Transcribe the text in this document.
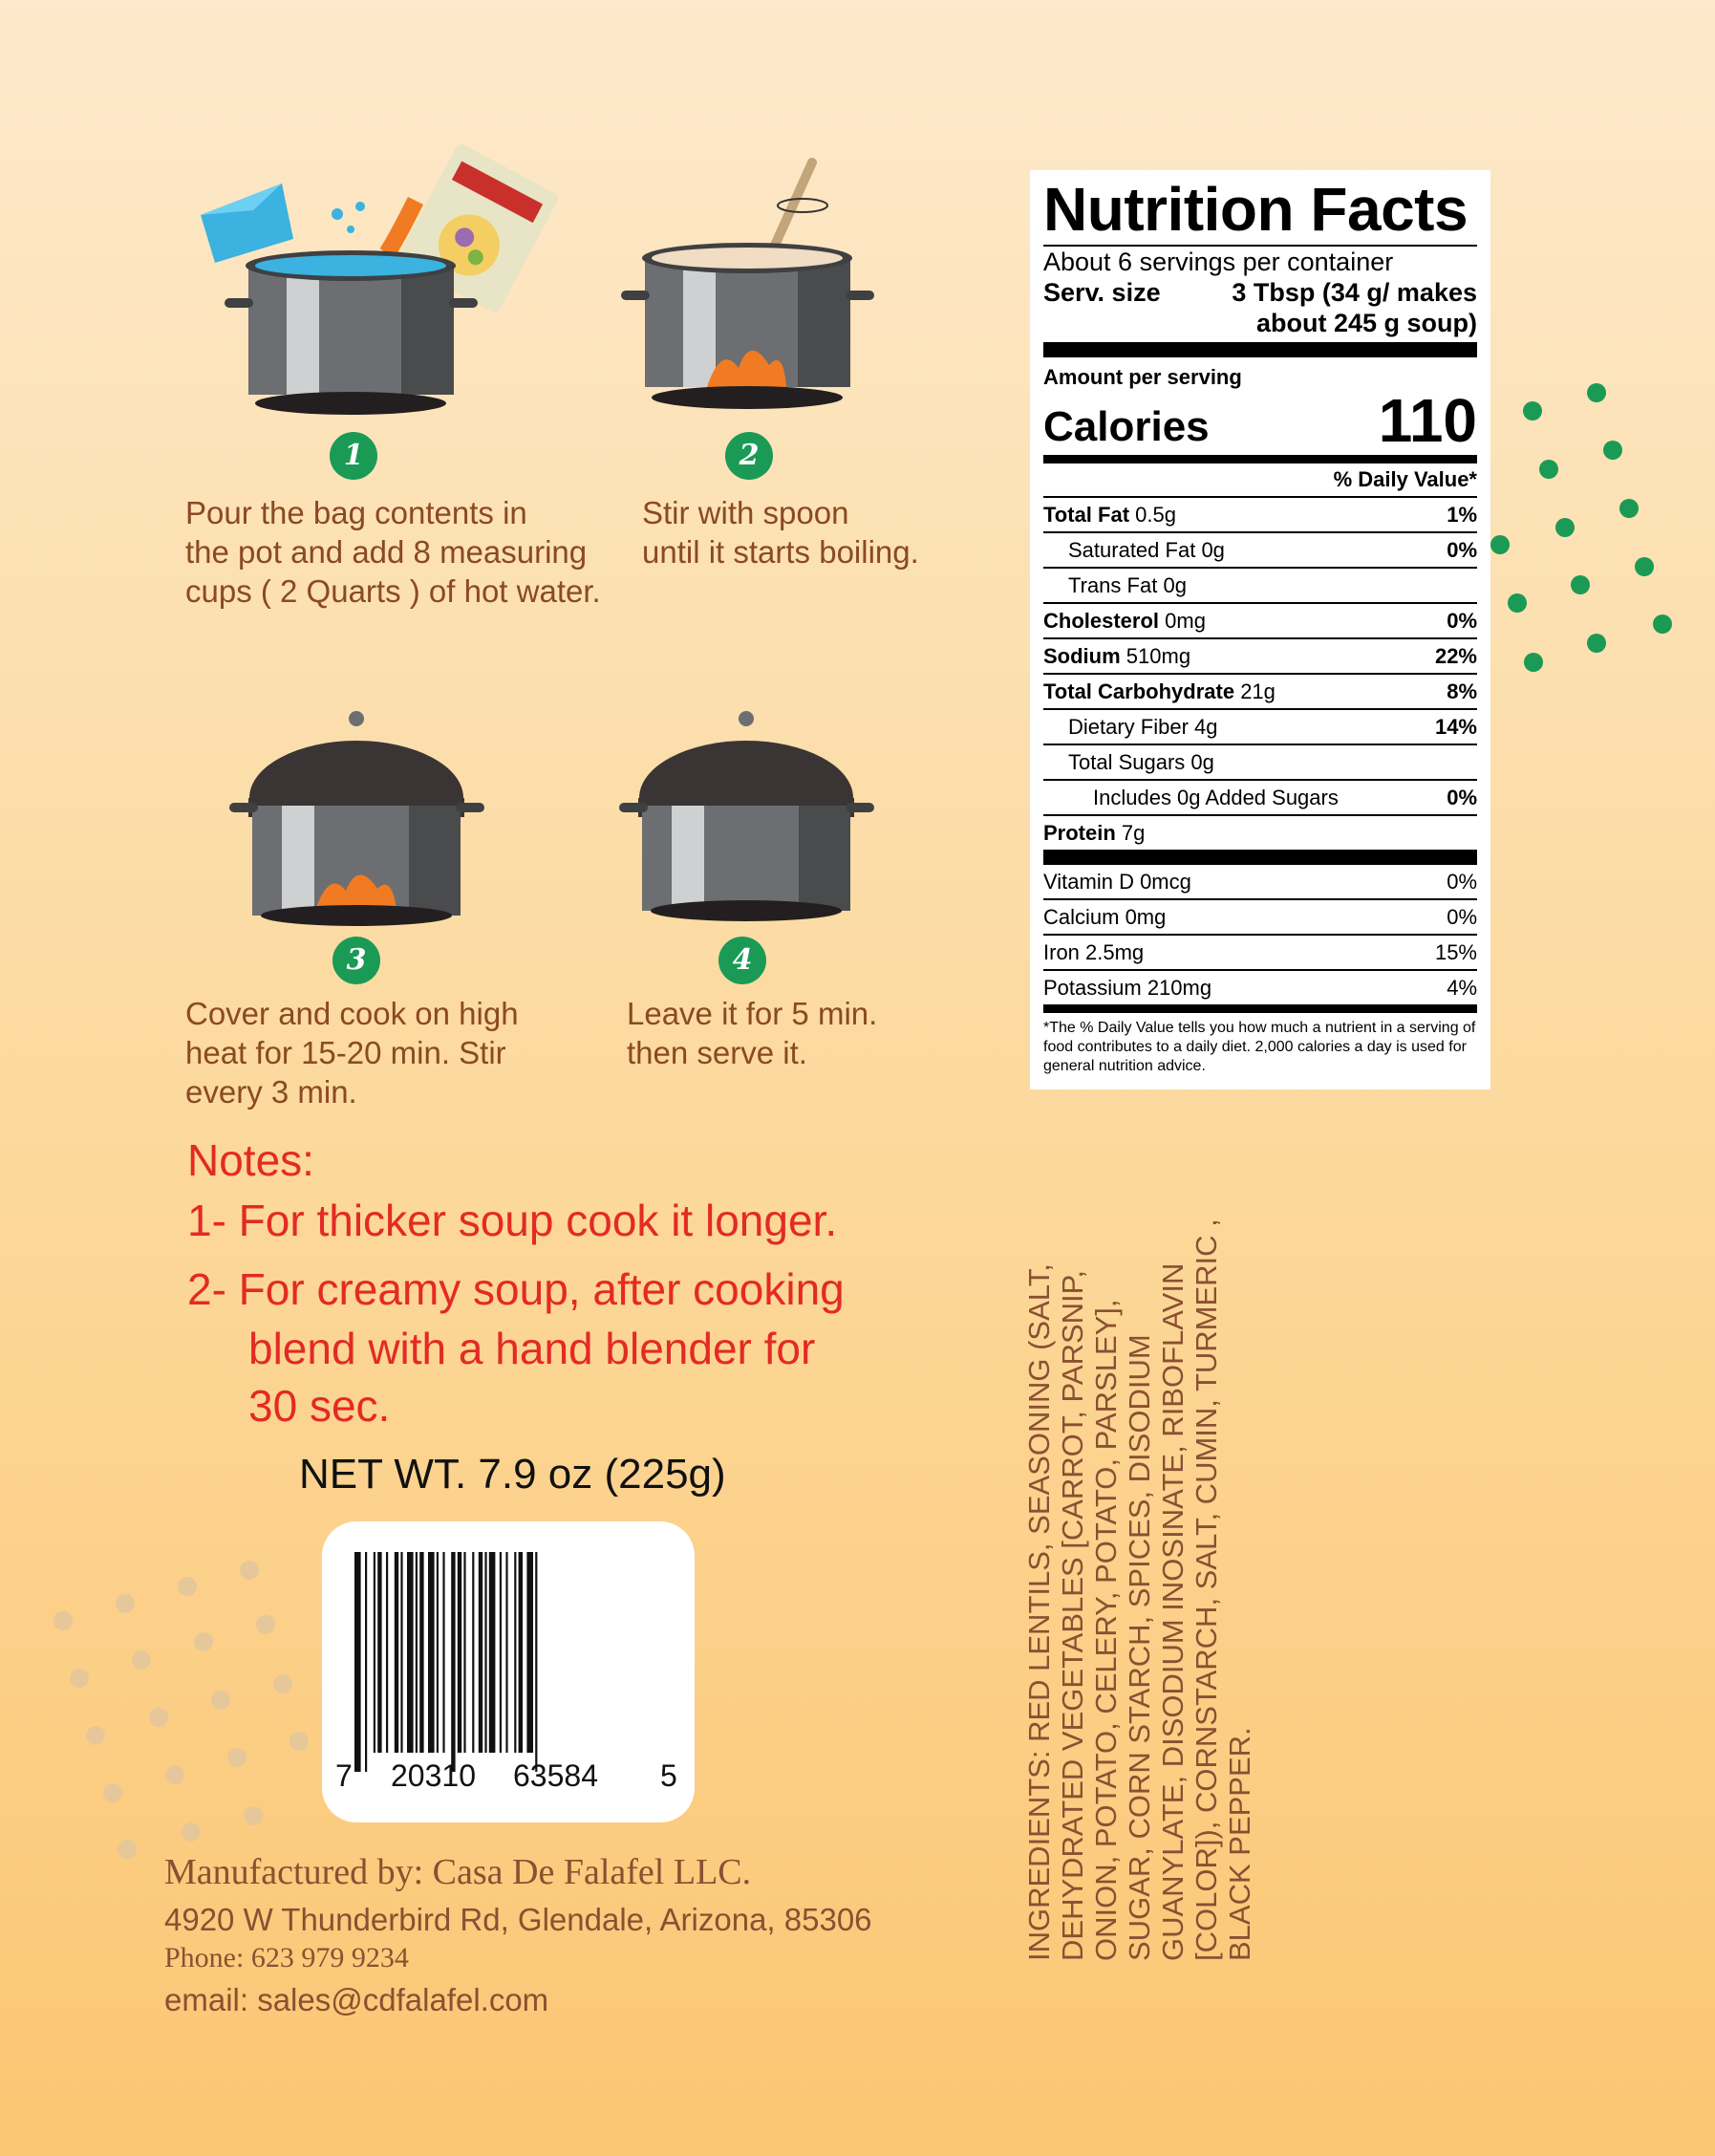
1
Pour the bag contents in
the pot and add 8 measuring
cups ( 2 Quarts ) of hot water.
2
Stir with spoon
until it starts boiling.
3
Cover and cook on high
heat for 15-20 min. Stir
every 3 min.
4
Leave it for 5 min.
then serve it.
Notes:
1- For thicker soup cook it longer.
2- For creamy soup, after cooking
blend with a hand blender for
30 sec.
NET WT. 7.9 oz (225g)
7 20310 63584 5
Manufactured by: Casa De Falafel LLC.
4920 W Thunderbird Rd, Glendale, Arizona, 85306
Phone: 623 979 9234
email: sales@cdfalafel.com
Nutrition Facts
About 6 servings per container
Serv. size	3 Tbsp (34 g/ makes
about 245 g soup)
Amount per serving
Calories	110
% Daily Value*
Total Fat 0.5g	1%
Saturated Fat 0g	0%
Trans Fat 0g
Cholesterol 0mg	0%
Sodium 510mg	22%
Total Carbohydrate 21g	8%
Dietary Fiber 4g	14%
Total Sugars 0g
Includes 0g Added Sugars	0%
Protein 7g
Vitamin D 0mcg	0%
Calcium 0mg	0%
Iron 2.5mg	15%
Potassium 210mg	4%
*The % Daily Value tells you how much a nutrient in a serving of food contributes to a daily diet. 2,000 calories a day is used for general nutrition advice.
INGREDIENTS: RED LENTILS, SEASONING (SALT, DEHYDRATED VEGETABLES [CARROT, PARSNIP, ONION, POTATO, CELERY, POTATO, PARSLEY], SUGAR, CORN STARCH, SPICES, DISODIUM GUANYLATE, DISODIUM INOSINATE, RIBOFLAVIN [COLOR]), CORNSTARCH, SALT, CUMIN, TURMERIC , BLACK PEPPER.
